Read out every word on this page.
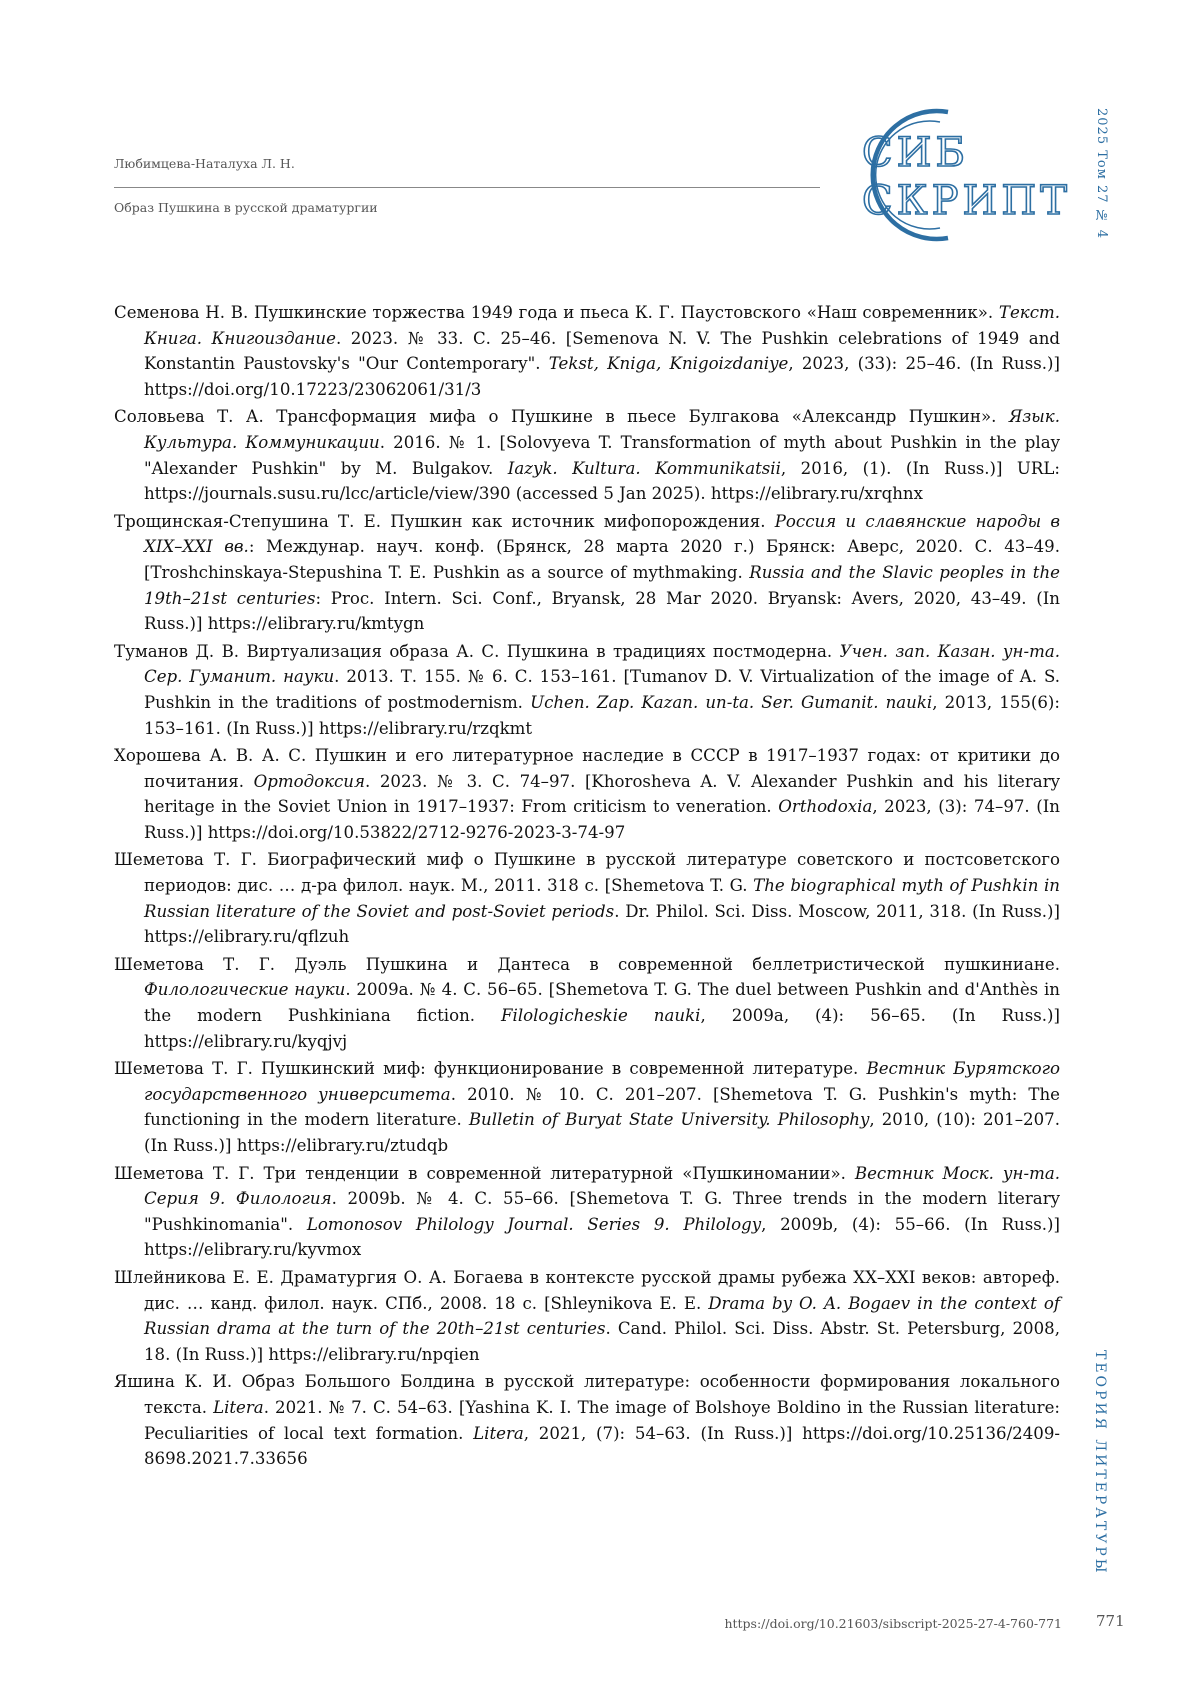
Любимцева-Наталуха Л. Н.
Образ Пушкина в русской драматургии
СИБ
СКРИПТ 2025 Том 27 № 4
ТЕОРИЯ ЛИТЕРАТУРЫ
Семенова Н. В. Пушкинские торжества 1949 года и пьеса К. Г. Паустовского «Наш современник». Текст. Книга. Книгоиздание. 2023. № 33. С. 25–46. [Semenova N. V. The Pushkin celebrations of 1949 and Konstantin Paustovsky's "Our Contemporary". Tekst, Kniga, Knigoizdaniye, 2023, (33): 25–46. (In Russ.)] https://doi.org/10.17223/23062061/31/3
Соловьева Т. А. Трансформация мифа о Пушкине в пьесе Булгакова «Александр Пушкин». Язык. Культура. Коммуникации. 2016. № 1. [Solovyeva T. Transformation of myth about Pushkin in the play "Alexander Pushkin" by M. Bulgakov. Iazyk. Kultura. Kommunikatsii, 2016, (1). (In Russ.)] URL: https://journals.susu.ru/lcc/article/view/390 (accessed 5 Jan 2025). https://elibrary.ru/xrqhnx
Трощинская-Степушина Т. Е. Пушкин как источник мифопорождения. Россия и славянские народы в XIX–XXI вв.: Междунар. науч. конф. (Брянск, 28 марта 2020 г.) Брянск: Аверс, 2020. С. 43–49. [Troshchinskaya-Stepushina T. E. Pushkin as a source of mythmaking. Russia and the Slavic peoples in the 19th–21st centuries: Proc. Intern. Sci. Conf., Bryansk, 28 Mar 2020. Bryansk: Avers, 2020, 43–49. (In Russ.)] https://elibrary.ru/kmtygn
Туманов Д. В. Виртуализация образа А. С. Пушкина в традициях постмодерна. Учен. зап. Казан. ун-та. Сер. Гуманит. науки. 2013. Т. 155. № 6. С. 153–161. [Tumanov D. V. Virtualization of the image of A. S. Pushkin in the traditions of postmodernism. Uchen. Zap. Kazan. un-ta. Ser. Gumanit. nauki, 2013, 155(6): 153–161. (In Russ.)] https://elibrary.ru/rzqkmt
Хорошева А. В. А. С. Пушкин и его литературное наследие в СССР в 1917–1937 годах: от критики до почитания. Ортодоксия. 2023. № 3. С. 74–97. [Khorosheva A. V. Alexander Pushkin and his literary heritage in the Soviet Union in 1917–1937: From criticism to veneration. Orthodoxia, 2023, (3): 74–97. (In Russ.)] https://doi.org/10.53822/2712-9276-2023-3-74-97
Шеметова Т. Г. Биографический миф о Пушкине в русской литературе советского и постсоветского периодов: дис. … д-ра филол. наук. М., 2011. 318 с. [Shemetova T. G. The biographical myth of Pushkin in Russian literature of the Soviet and post-Soviet periods. Dr. Philol. Sci. Diss. Moscow, 2011, 318. (In Russ.)] https://elibrary.ru/qflzuh
Шеметова Т. Г. Дуэль Пушкина и Дантеса в современной беллетристической пушкиниане. Филологические науки. 2009a. № 4. С. 56–65. [Shemetova T. G. The duel between Pushkin and d'Anthès in the modern Pushkiniana fiction. Filologicheskie nauki, 2009a, (4): 56–65. (In Russ.)] https://elibrary.ru/kyqjvj
Шеметова Т. Г. Пушкинский миф: функционирование в современной литературе. Вестник Бурятского государственного университета. 2010. № 10. С. 201–207. [Shemetova T. G. Pushkin's myth: The functioning in the modern literature. Bulletin of Buryat State University. Philosophy, 2010, (10): 201–207. (In Russ.)] https://elibrary.ru/ztudqb
Шеметова Т. Г. Три тенденции в современной литературной «Пушкиномании». Вестник Моск. ун-та. Серия 9. Филология. 2009b. № 4. С. 55–66. [Shemetova T. G. Three trends in the modern literary "Pushkinomania". Lomonosov Philology Journal. Series 9. Philology, 2009b, (4): 55–66. (In Russ.)] https://elibrary.ru/kyvmox
Шлейникова Е. Е. Драматургия О. А. Богаева в контексте русской драмы рубежа XX–XXI веков: автореф. дис. … канд. филол. наук. СПб., 2008. 18 с. [Shleynikova E. E. Drama by O. A. Bogaev in the context of Russian drama at the turn of the 20th–21st centuries. Cand. Philol. Sci. Diss. Abstr. St. Petersburg, 2008, 18. (In Russ.)] https://elibrary.ru/npqien
Яшина К. И. Образ Большого Болдина в русской литературе: особенности формирования локального текста. Litera. 2021. № 7. С. 54–63. [Yashina K. I. The image of Bolshoye Boldino in the Russian literature: Peculiarities of local text formation. Litera, 2021, (7): 54–63. (In Russ.)] https://doi.org/10.25136/2409-8698.2021.7.33656
https://doi.org/10.21603/sibscript-2025-27-4-760-771 771
